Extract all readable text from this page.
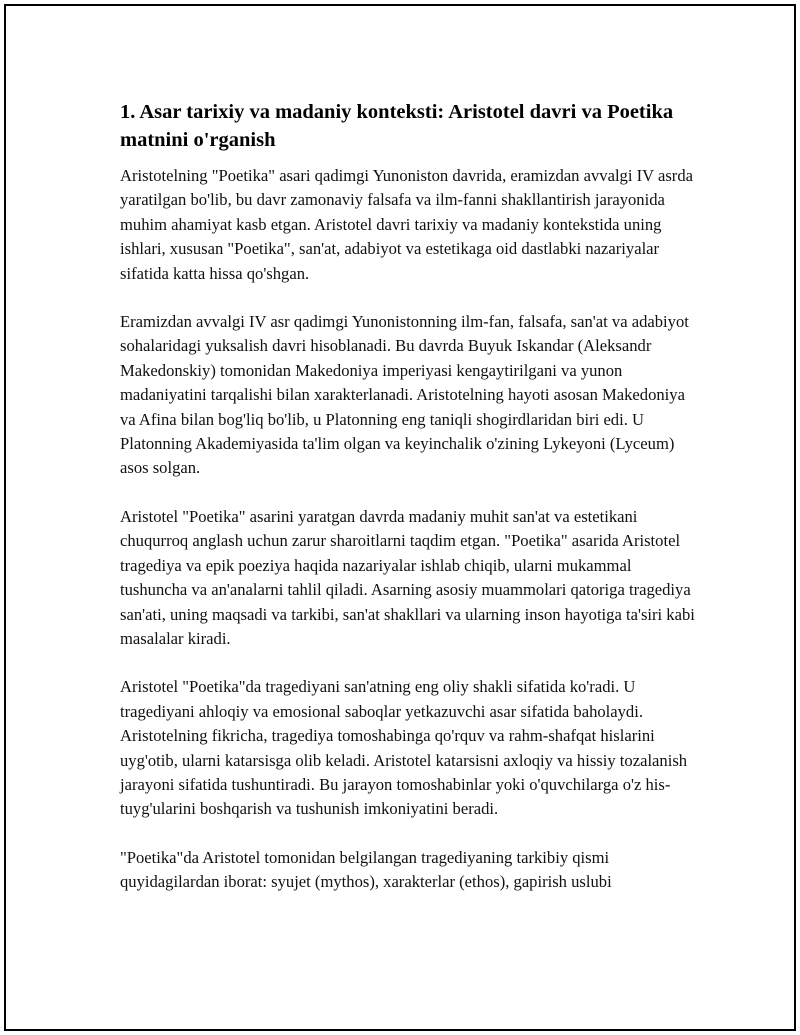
1. Asar tarixiy va madaniy konteksti: Aristotel davri va Poetika matnini o'rganish

Aristotelning "Poetika" asari qadimgi Yunoniston davrida, eramizdan avvalgi IV asrda yaratilgan bo'lib, bu davr zamonaviy falsafa va ilm-fanni shakllantirish jarayonida muhim ahamiyat kasb etgan. Aristotel davri tarixiy va madaniy kontekstida uning ishlari, xususan "Poetika", san'at, adabiyot va estetikaga oid dastlabki nazariyalar sifatida katta hissa qo'shgan.

Eramizdan avvalgi IV asr qadimgi Yunonistonning ilm-fan, falsafa, san'at va adabiyot sohalaridagi yuksalish davri hisoblanadi. Bu davrda Buyuk Iskandar (Aleksandr Makedonskiy) tomonidan Makedoniya imperiyasi kengaytirilgani va yunon madaniyatini tarqalishi bilan xarakterlanadi. Aristotelning hayoti asosan Makedoniya va Afina bilan bog'liq bo'lib, u Platonning eng taniqli shogirdlaridan biri edi. U Platonning Akademiyasida ta'lim olgan va keyinchalik o'zining Lykeyoni (Lyceum) asos solgan.

Aristotel "Poetika" asarini yaratgan davrda madaniy muhit san'at va estetikani chuqurroq anglash uchun zarur sharoitlarni taqdim etgan. "Poetika" asarida Aristotel tragediya va epik poeziya haqida nazariyalar ishlab chiqib, ularni mukammal tushuncha va an'analarni tahlil qiladi. Asarning asosiy muammolari qatoriga tragediya san'ati, uning maqsadi va tarkibi, san'at shakllari va ularning inson hayotiga ta'siri kabi masalalar kiradi.

Aristotel "Poetika"da tragediyani san'atning eng oliy shakli sifatida ko'radi. U tragediyani ahloqiy va emosional saboqlar yetkazuvchi asar sifatida baholaydi. Aristotelning fikricha, tragediya tomoshabinga qo'rquv va rahm-shafqat hislarini uyg'otib, ularni katarsisga olib keladi. Aristotel katarsisni axloqiy va hissiy tozalanish jarayoni sifatida tushuntiradi. Bu jarayon tomoshabinlar yoki o'quvchilarga o'z his-tuyg'ularini boshqarish va tushunish imkoniyatini beradi.

"Poetika"da Aristotel tomonidan belgilangan tragediyaning tarkibiy qismi quyidagilardan iborat: syujet (mythos), xarakterlar (ethos), gapirish uslubi
